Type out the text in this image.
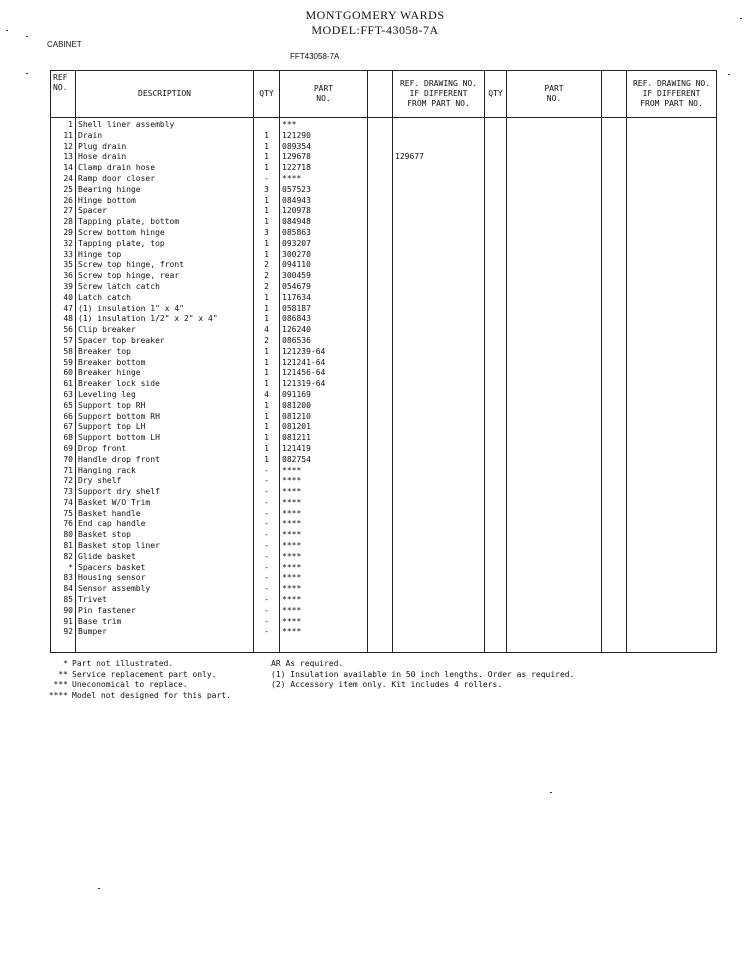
MONTGOMERY WARDS
MODEL:FFT-43058-7A
CABINET
FFT43058-7A
REF
NO.	DESCRIPTION	QTY	PART
NO.		REF. DRAWING NO.
IF DIFFERENT
FROM PART NO.	QTY	PART
NO.		REF. DRAWING NO.
IF DIFFERENT
FROM PART NO.
1	Shell liner assembly		***						
11	Drain	1	121290						
12	Plug drain	1	089354						
13	Hose drain	1	129678		129677				
14	Clamp drain hose	1	122718						
24	Ramp door closer	-	****						
25	Bearing hinge	3	057523						
26	Hinge bottom	1	084943						
27	Spacer	1	120978						
28	Tapping plate, bottom	1	084948						
29	Screw bottom hinge	3	085863						
32	Tapping plate, top	1	093207						
33	Hinge top	1	300270						
35	Screw top hinge, front	2	094110						
36	Screw top hinge, rear	2	300459						
39	Screw latch catch	2	054679						
40	Latch catch	1	117634						
47	(1) insulation 1" x 4"	1	058187						
48	(1) insulation 1/2" x 2" x 4"	1	086843						
56	Clip breaker	4	126240						
57	Spacer top breaker	2	086536						
58	Breaker top	1	121239-64						
59	Breaker bottom	1	121241-64						
60	Breaker hinge	1	121456-64						
61	Breaker lock side	1	121319-64						
63	Leveling leg	4	091169						
65	Support top RH	1	081200						
66	Support bottom RH	1	081210						
67	Support top LH	1	081201						
68	Support bottom LH	1	081211						
69	Drop front	1	121419						
70	Handle drop front	1	082754						
71	Hanging rack	-	****						
72	Dry shelf	-	****						
73	Support dry shelf	-	****						
74	Basket W/O Trim	-	****						
75	Basket handle	-	****						
76	End cap handle	-	****						
80	Basket stop	-	****						
81	Basket stop liner	-	****						
82	Glide basket	-	****						
*	Spacers basket	-	****						
83	Housing sensor	-	****						
84	Sensor assembly	-	****						
85	Trivet	-	****						
90	Pin fastener	-	****						
91	Base trim	-	****						
92	Bumper	-	****						

* Part not illustrated.
** Service replacement part only.
*** Uneconomical to replace.
**** Model not designed for this part.
AR As required.
(1) Insulation available in 50 inch lengths. Order as required.
(2) Accessory item only. Kit includes 4 rollers.
